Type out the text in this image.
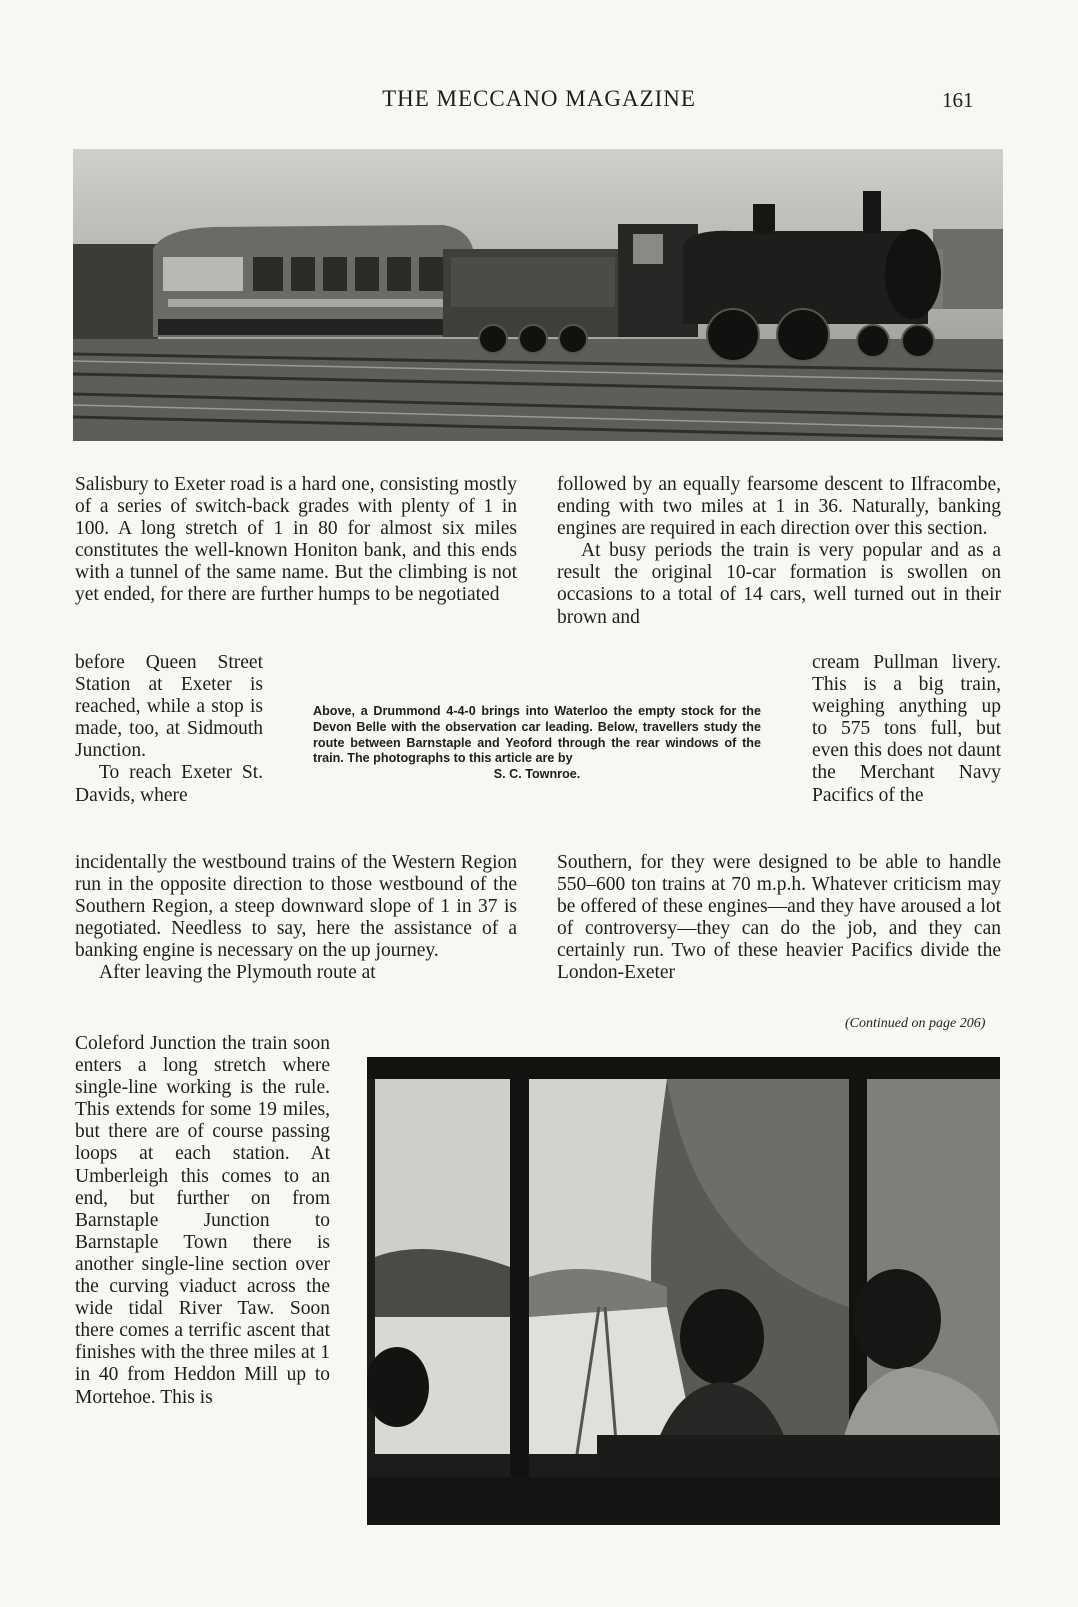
THE MECCANO MAGAZINE	161

Salisbury to Exeter road is a hard one, consisting mostly of a series of switch-back grades with plenty of 1 in 100. A long stretch of 1 in 80 for almost six miles constitutes the well-known Honiton bank, and this ends with a tunnel of the same name. But the climbing is not yet ended, for there are further humps to be negotiated

before Queen Street Station at Exeter is reached, while a stop is made, too, at Sidmouth Junction.

To reach Exeter St. Davids, where

incidentally the westbound trains of the Western Region run in the opposite direction to those westbound of the Southern Region, a steep downward slope of 1 in 37 is negotiated. Needless to say, here the assistance of a banking engine is necessary on the up journey.

After leaving the Plymouth route at

Coleford Junction the train soon enters a long stretch where single-line working is the rule. This extends for some 19 miles, but there are of course passing loops at each station. At Umberleigh this comes to an end, but further on from Barnstaple Junction to Barnstaple Town there is another single-line section over the curving viaduct across the wide tidal River Taw. Soon there comes a terrific ascent that finishes with the three miles at 1 in 40 from Heddon Mill up to Mortehoe. This is

Above, a Drummond 4-4-0 brings into Waterloo the empty stock for the Devon Belle with the observation car leading. Below, travellers study the route between Barnstaple and Yeoford through the rear windows of the train. The photographs to this article are by
S. C. Townroe.

followed by an equally fearsome descent to Ilfracombe, ending with two miles at 1 in 36. Naturally, banking engines are required in each direction over this section.

At busy periods the train is very popular and as a result the original 10-car formation is swollen on occasions to a total of 14 cars, well turned out in their brown and

cream Pullman livery. This is a big train, weighing anything up to 575 tons full, but even this does not daunt the Merchant Navy Pacifics of the

Southern, for they were designed to be able to handle 550–600 ton trains at 70 m.p.h. Whatever criticism may be offered of these engines—and they have aroused a lot of controversy—they can do the job, and they can certainly run. Two of these heavier Pacifics divide the London-Exeter

(Continued on page 206)
